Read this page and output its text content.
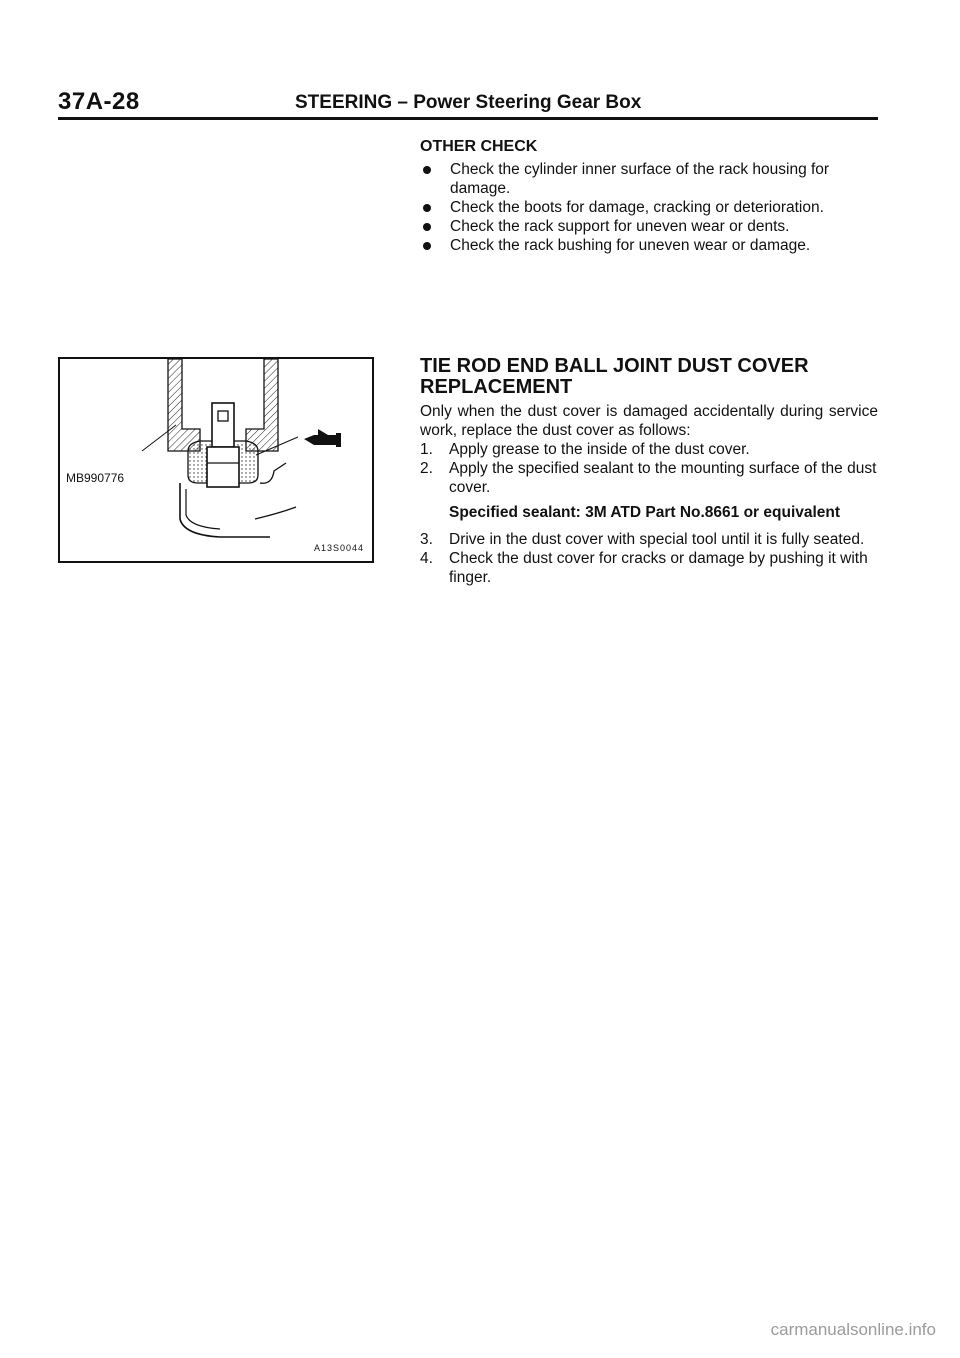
37A-28	STEERING – Power Steering Gear Box
OTHER CHECK
Check the cylinder inner surface of the rack housing for damage.
Check the boots for damage, cracking or deterioration.
Check the rack support for uneven wear or dents.
Check the rack bushing for uneven wear or damage.
MB990776
A13S0044
TIE ROD END BALL JOINT DUST COVER
REPLACEMENT
Only when the dust cover is damaged accidentally during service work, replace the dust cover as follows:
1. Apply grease to the inside of the dust cover.
2. Apply the specified sealant to the mounting surface of the dust cover.
Specified sealant: 3M ATD Part No.8661 or equivalent
3. Drive in the dust cover with special tool until it is fully seated.
4. Check the dust cover for cracks or damage by pushing it with finger.
carmanualsonline.info
